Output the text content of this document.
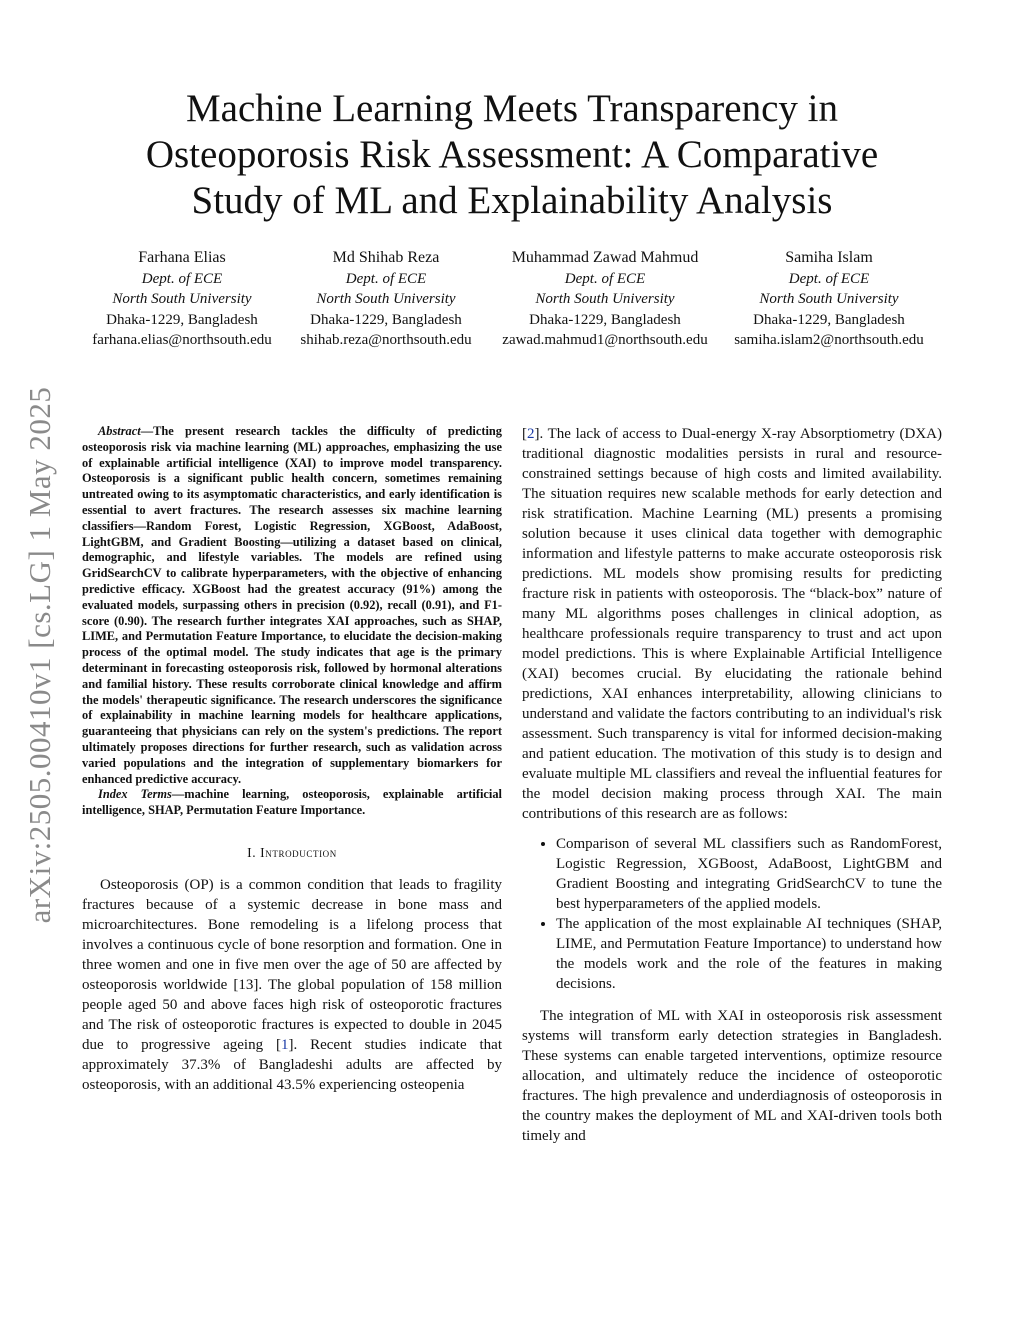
arXiv:2505.00410v1 [cs.LG] 1 May 2025
Machine Learning Meets Transparency in
Osteoporosis Risk Assessment: A Comparative
Study of ML and Explainability Analysis
Farhana Elias
Dept. of ECE
North South University
Dhaka-1229, Bangladesh
farhana.elias@northsouth.edu
Md Shihab Reza
Dept. of ECE
North South University
Dhaka-1229, Bangladesh
shihab.reza@northsouth.edu
Muhammad Zawad Mahmud
Dept. of ECE
North South University
Dhaka-1229, Bangladesh
zawad.mahmud1@northsouth.edu
Samiha Islam
Dept. of ECE
North South University
Dhaka-1229, Bangladesh
samiha.islam2@northsouth.edu

Abstract—The present research tackles the difficulty of predicting osteoporosis risk via machine learning (ML) approaches, emphasizing the use of explainable artificial intelligence (XAI) to improve model transparency. Osteoporosis is a significant public health concern, sometimes remaining untreated owing to its asymptomatic characteristics, and early identification is essential to avert fractures. The research assesses six machine learning classifiers—Random Forest, Logistic Regression, XGBoost, AdaBoost, LightGBM, and Gradient Boosting—utilizing a dataset based on clinical, demographic, and lifestyle variables. The models are refined using GridSearchCV to calibrate hyperparameters, with the objective of enhancing predictive efficacy. XGBoost had the greatest accuracy (91%) among the evaluated models, surpassing others in precision (0.92), recall (0.91), and F1-score (0.90). The research further integrates XAI approaches, such as SHAP, LIME, and Permutation Feature Importance, to elucidate the decision-making process of the optimal model. The study indicates that age is the primary determinant in forecasting osteoporosis risk, followed by hormonal alterations and familial history. These results corroborate clinical knowledge and affirm the models' therapeutic significance. The research underscores the significance of explainability in machine learning models for healthcare applications, guaranteeing that physicians can rely on the system's predictions. The report ultimately proposes directions for further research, such as validation across varied populations and the integration of supplementary biomarkers for enhanced predictive accuracy.

Index Terms—machine learning, osteoporosis, explainable artificial intelligence, SHAP, Permutation Feature Importance.

I. Introduction

Osteoporosis (OP) is a common condition that leads to fragility fractures because of a systemic decrease in bone mass and microarchitectures. Bone remodeling is a lifelong process that involves a continuous cycle of bone resorption and formation. One in three women and one in five men over the age of 50 are affected by osteoporosis worldwide [13]. The global population of 158 million people aged 50 and above faces high risk of osteoporotic fractures and The risk of osteoporotic fractures is expected to double in 2045 due to progressive ageing [1]. Recent studies indicate that approximately 37.3% of Bangladeshi adults are affected by osteoporosis, with an additional 43.5% experiencing osteopenia

[2]. The lack of access to Dual-energy X-ray Absorptiometry (DXA) traditional diagnostic modalities persists in rural and resource-constrained settings because of high costs and limited availability. The situation requires new scalable methods for early detection and risk stratification. Machine Learning (ML) presents a promising solution because it uses clinical data together with demographic information and lifestyle patterns to make accurate osteoporosis risk predictions. ML models show promising results for predicting fracture risk in patients with osteoporosis. The “black-box” nature of many ML algorithms poses challenges in clinical adoption, as healthcare professionals require transparency to trust and act upon model predictions. This is where Explainable Artificial Intelligence (XAI) becomes crucial. By elucidating the rationale behind predictions, XAI enhances interpretability, allowing clinicians to understand and validate the factors contributing to an individual's risk assessment. Such transparency is vital for informed decision-making and patient education. The motivation of this study is to design and evaluate multiple ML classifiers and reveal the influential features for the model decision making process through XAI. The main contributions of this research are as follows:

• Comparison of several ML classifiers such as RandomForest, Logistic Regression, XGBoost, AdaBoost, LightGBM and Gradient Boosting and integrating GridSearchCV to tune the best hyperparameters of the applied models.
• The application of the most explainable AI techniques (SHAP, LIME, and Permutation Feature Importance) to understand how the models work and the role of the features in making decisions.

The integration of ML with XAI in osteoporosis risk assessment systems will transform early detection strategies in Bangladesh. These systems can enable targeted interventions, optimize resource allocation, and ultimately reduce the incidence of osteoporotic fractures. The high prevalence and underdiagnosis of osteoporosis in the country makes the deployment of ML and XAI-driven tools both timely and
